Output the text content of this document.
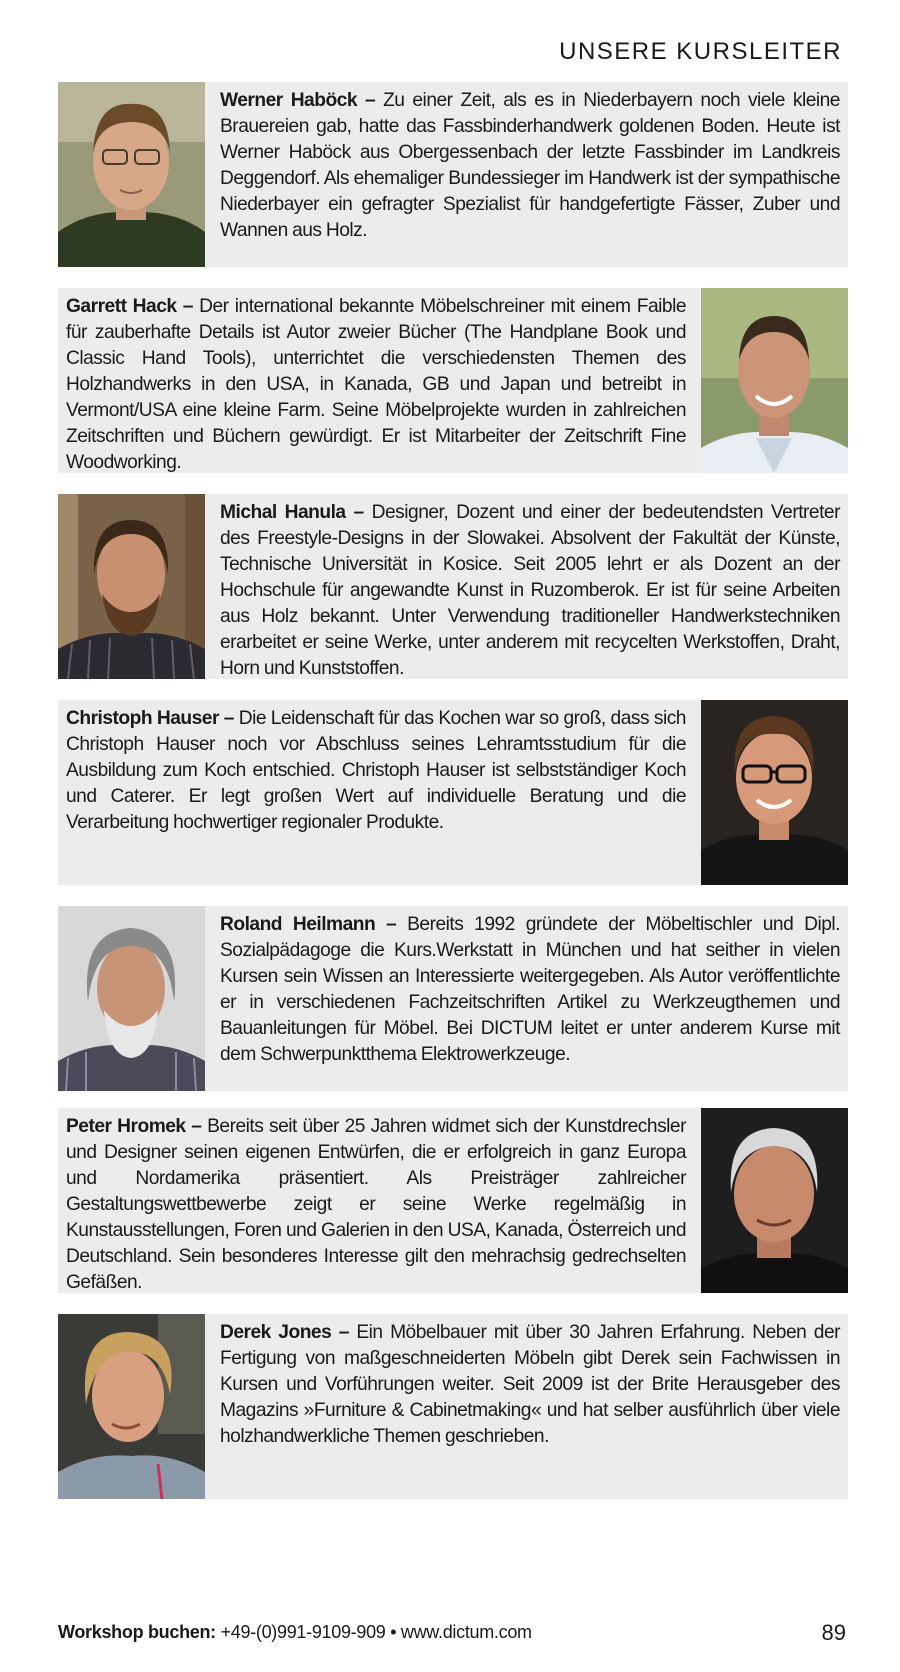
UNSERE KURSLEITER
Werner Haböck – Zu einer Zeit, als es in Niederbayern noch viele kleine Brauereien gab, hatte das Fassbinderhandwerk goldenen Boden. Heute ist Werner Haböck aus Obergessenbach der letzte Fassbinder im Landkreis Deggendorf. Als ehemaliger Bundessieger im Handwerk ist der sympathische Niederbayer ein gefragter Spezialist für handgefertigte Fässer, Zuber und Wannen aus Holz.
Garrett Hack – Der international bekannte Möbelschreiner mit einem Faible für zauberhafte Details ist Autor zweier Bücher (The Handplane Book und Classic Hand Tools), unterrichtet die verschiedensten Themen des Holzhandwerks in den USA, in Kanada, GB und Japan und betreibt in Vermont/USA eine kleine Farm. Seine Möbelprojekte wurden in zahlreichen Zeitschriften und Büchern gewürdigt. Er ist Mitarbeiter der Zeitschrift Fine Woodworking.
Michal Hanula – Designer, Dozent und einer der bedeutendsten Vertreter des Freestyle-Designs in der Slowakei. Absolvent der Fakultät der Künste, Technische Universität in Kosice. Seit 2005 lehrt er als Dozent an der Hochschule für angewandte Kunst in Ruzomberok. Er ist für seine Arbeiten aus Holz bekannt. Unter Verwendung traditioneller Handwerkstechniken erarbeitet er seine Werke, unter anderem mit recycelten Werkstoffen, Draht, Horn und Kunststoffen.
Christoph Hauser – Die Leidenschaft für das Kochen war so groß, dass sich Christoph Hauser noch vor Abschluss seines Lehramtsstudium für die Ausbildung zum Koch entschied. Christoph Hauser ist selbstständiger Koch und Caterer. Er legt großen Wert auf individuelle Beratung und die Verarbeitung hochwertiger regionaler Produkte.
Roland Heilmann – Bereits 1992 gründete der Möbeltischler und Dipl. Sozialpädagoge die Kurs.Werkstatt in München und hat seither in vielen Kursen sein Wissen an Interessierte weitergegeben. Als Autor veröffentlichte er in verschiedenen Fachzeitschriften Artikel zu Werkzeugthemen und Bauanleitungen für Möbel. Bei DICTUM leitet er unter anderem Kurse mit dem Schwerpunktthema Elektrowerkzeuge.
Peter Hromek – Bereits seit über 25 Jahren widmet sich der Kunstdrechsler und Designer seinen eigenen Entwürfen, die er erfolgreich in ganz Europa und Nordamerika präsentiert. Als Preisträger zahlreicher Gestaltungswettbewerbe zeigt er seine Werke regelmäßig in Kunstausstellungen, Foren und Galerien in den USA, Kanada, Österreich und Deutschland. Sein besonderes Interesse gilt den mehrachsig gedrechselten Gefäßen.
Derek Jones – Ein Möbelbauer mit über 30 Jahren Erfahrung. Neben der Fertigung von maßgeschneiderten Möbeln gibt Derek sein Fachwissen in Kursen und Vorführungen weiter. Seit 2009 ist der Brite Herausgeber des Magazins »Furniture & Cabinetmaking« und hat selber ausführlich über viele holzhandwerkliche Themen geschrieben.
Workshop buchen: +49-(0)991-9109-909 • www.dictum.com	89
